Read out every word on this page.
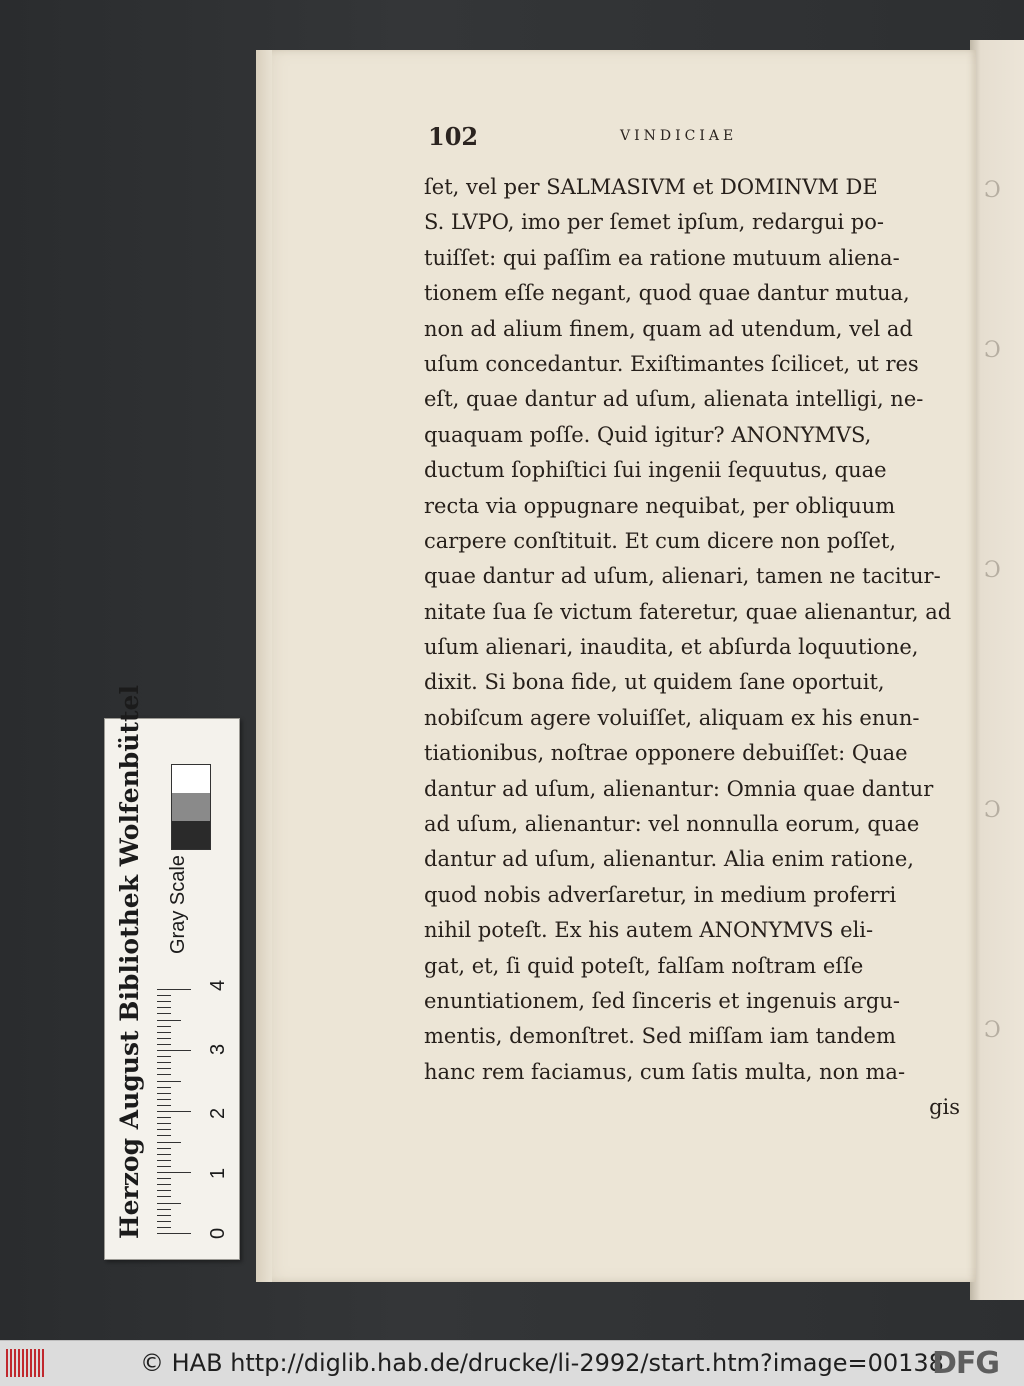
Ɔ
Ɔ
Ɔ
Ɔ
Ɔ
102	VINDICIAE
ſet, vel per SALMASIVM et DOMINVM DE
S. LVPO, imo per ſemet ipſum, redargui po-
tuiſſet: qui paſſim ea ratione mutuum aliena-
tionem eſſe negant, quod quae dantur mutua,
non ad alium finem, quam ad utendum, vel ad
uſum concedantur. Exiſtimantes ſcilicet, ut res
eſt, quae dantur ad uſum, alienata intelligi, ne-
quaquam poſſe. Quid igitur? ANONYMVS,
ductum ſophiſtici ſui ingenii ſequutus, quae
recta via oppugnare nequibat, per obliquum
carpere conſtituit. Et cum dicere non poſſet,
quae dantur ad uſum, alienari, tamen ne tacitur-
nitate ſua ſe victum fateretur, quae alienantur, ad
uſum alienari, inaudita, et abſurda loquutione,
dixit. Si bona fide, ut quidem ſane oportuit,
nobiſcum agere voluiſſet, aliquam ex his enun-
tiationibus, noſtrae opponere debuiſſet: Quae
dantur ad uſum, alienantur: Omnia quae dantur
ad uſum, alienantur: vel nonnulla eorum, quae
dantur ad uſum, alienantur. Alia enim ratione,
quod nobis adverſaretur, in medium proferri
nihil poteſt. Ex his autem ANONYMVS eli-
gat, et, ſi quid poteſt, falſam noſtram eſſe
enuntiationem, ſed ſinceris et ingenuis argu-
mentis, demonſtret. Sed miſſam iam tandem
hanc rem faciamus, cum ſatis multa, non ma-
gis
Herzog August Bibliothek Wolfenbüttel Gray Scale
0
1
2
3
4
© HAB http://diglib.hab.de/drucke/li-2992/start.htm?image=00138
DFG
